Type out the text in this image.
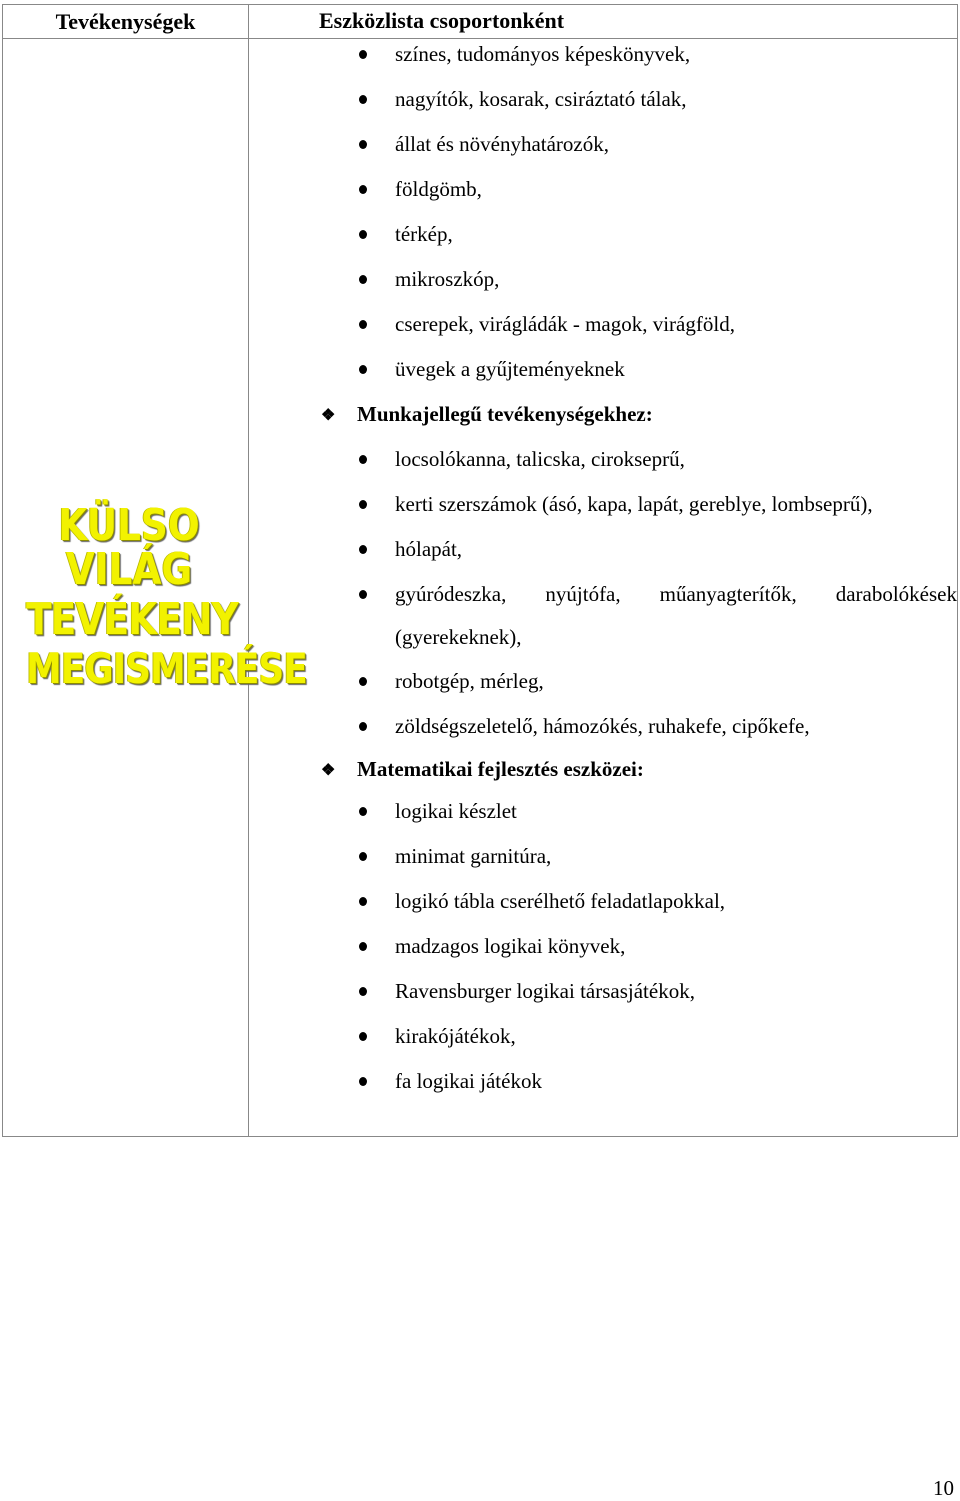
Tevékenységek	Eszközlista csoportonként
KÜLSO VILÁG
TEVÉKENY
MEGISMERÉSE
színes, tudományos képeskönyvek,
nagyítók, kosarak, csiráztató tálak,
állat és növényhatározók,
földgömb,
térkép,
mikroszkóp,
cserepek, virágládák - magok, virágföld,
üvegek a gyűjteményeknek
❖ Munkajellegű tevékenységekhez:
locsolókanna, talicska, cirokseprű,
kerti szerszámok (ásó, kapa, lapát, gereblye, lombseprű),
hólapát,
gyúródeszka, nyújtófa, műanyagterítők, darabolókések
(gyerekeknek),
robotgép, mérleg,
zöldségszeletelő, hámozókés, ruhakefe, cipőkefe,
❖ Matematikai fejlesztés eszközei:
logikai készlet
minimat garnitúra,
logikó tábla cserélhető feladatlapokkal,
madzagos logikai könyvek,
Ravensburger logikai társasjátékok,
kirakójátékok,
fa logikai játékok
10
